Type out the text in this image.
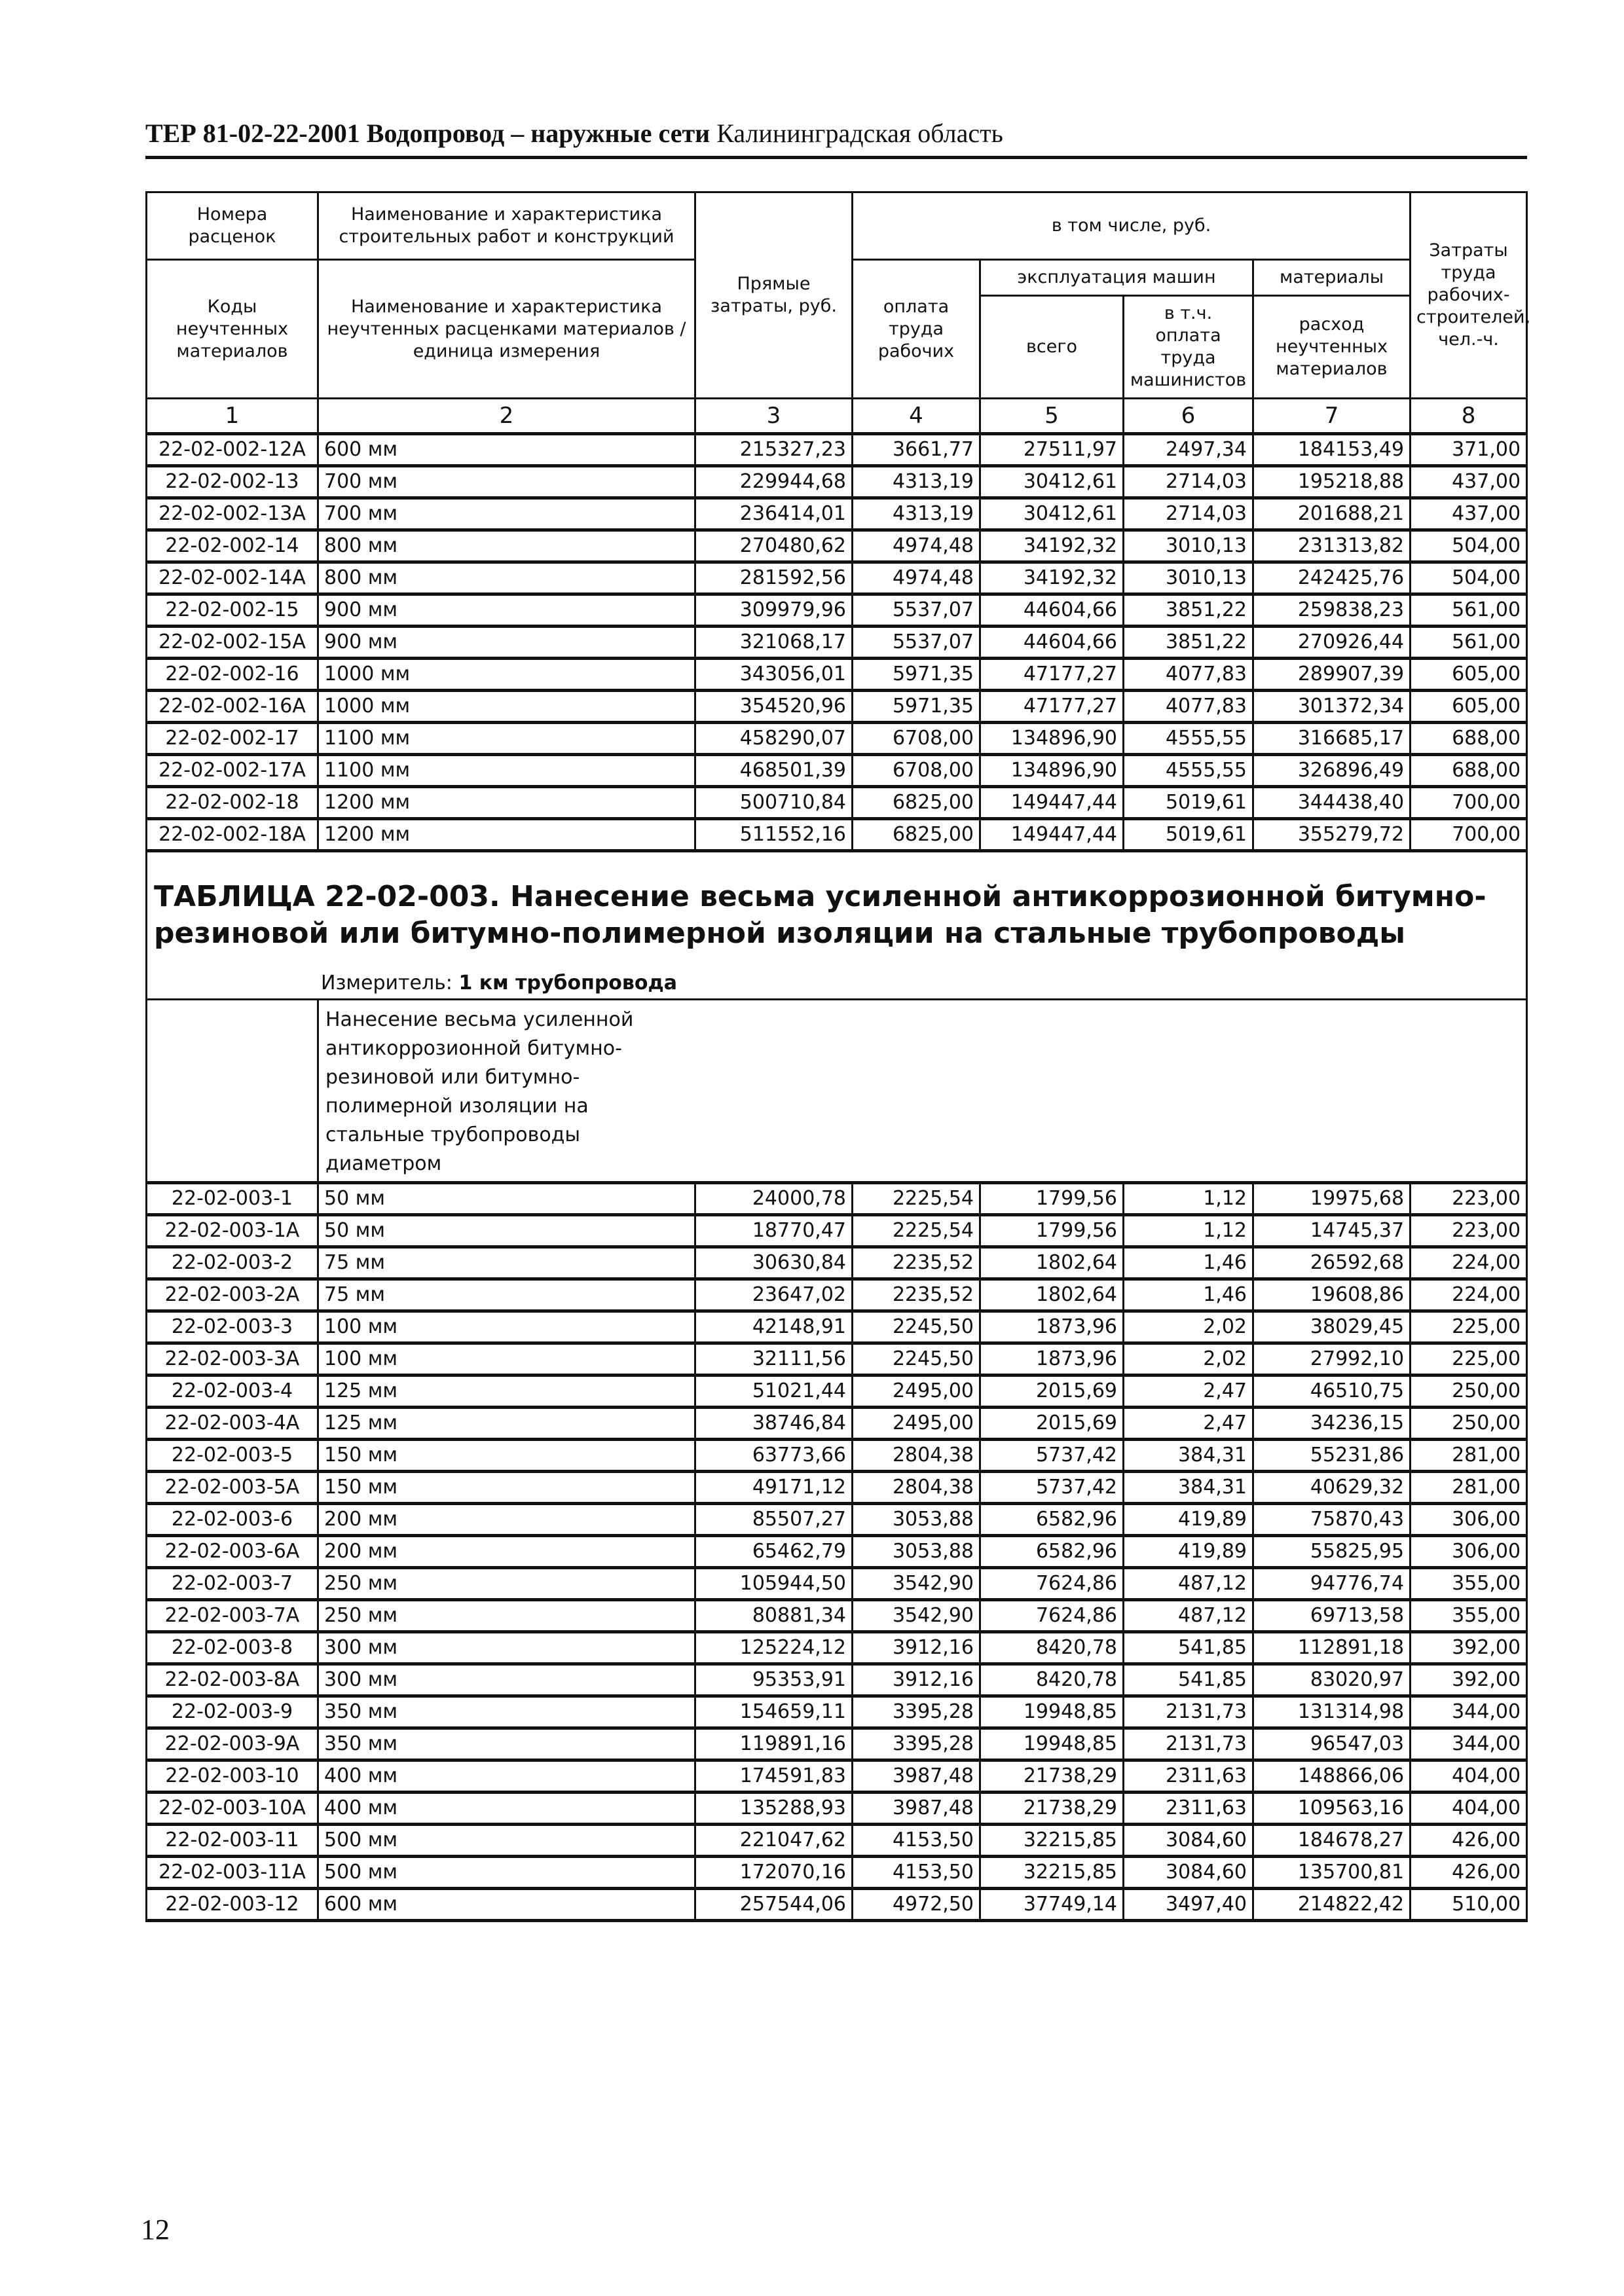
ТЕР 81-02-22-2001 Водопровод – наружные сети Калининградская область
Номера расценок	Наименование и характеристика строительных работ и конструкций	Прямые затраты, руб.	в том числе, руб.				Затраты труда рабочих-строителей, чел.-ч.
Коды неучтенных материалов	Наименование и характеристика неучтенных расценками материалов / единица измерения		оплата труда рабочих	эксплуатация машин		материалы	
				всего	в т.ч. оплата труда машинистов	расход неучтенных материалов	
1	2	3	4	5	6	7	8
22-02-002-12А	600 мм	215327,23	3661,77	27511,97	2497,34	184153,49	371,00
22-02-002-13	700 мм	229944,68	4313,19	30412,61	2714,03	195218,88	437,00
22-02-002-13А	700 мм	236414,01	4313,19	30412,61	2714,03	201688,21	437,00
22-02-002-14	800 мм	270480,62	4974,48	34192,32	3010,13	231313,82	504,00
22-02-002-14А	800 мм	281592,56	4974,48	34192,32	3010,13	242425,76	504,00
22-02-002-15	900 мм	309979,96	5537,07	44604,66	3851,22	259838,23	561,00
22-02-002-15А	900 мм	321068,17	5537,07	44604,66	3851,22	270926,44	561,00
22-02-002-16	1000 мм	343056,01	5971,35	47177,27	4077,83	289907,39	605,00
22-02-002-16А	1000 мм	354520,96	5971,35	47177,27	4077,83	301372,34	605,00
22-02-002-17	1100 мм	458290,07	6708,00	134896,90	4555,55	316685,17	688,00
22-02-002-17А	1100 мм	468501,39	6708,00	134896,90	4555,55	326896,49	688,00
22-02-002-18	1200 мм	500710,84	6825,00	149447,44	5019,61	344438,40	700,00
22-02-002-18А	1200 мм	511552,16	6825,00	149447,44	5019,61	355279,72	700,00

ТАБЛИЦА 22-02-003. Нанесение весьма усиленной антикоррозионной битумно-резиновой или битумно-полимерной изоляции на стальные трубопроводы
Измеритель: 1 км трубопровода							

	Нанесение весьма усиленной антикоррозионной битумно-резиновой или битумно-полимерной изоляции на стальные трубопроводы диаметром						

22-02-003-1	50 мм	24000,78	2225,54	1799,56	1,12	19975,68	223,00
22-02-003-1А	50 мм	18770,47	2225,54	1799,56	1,12	14745,37	223,00
22-02-003-2	75 мм	30630,84	2235,52	1802,64	1,46	26592,68	224,00
22-02-003-2А	75 мм	23647,02	2235,52	1802,64	1,46	19608,86	224,00
22-02-003-3	100 мм	42148,91	2245,50	1873,96	2,02	38029,45	225,00
22-02-003-3А	100 мм	32111,56	2245,50	1873,96	2,02	27992,10	225,00
22-02-003-4	125 мм	51021,44	2495,00	2015,69	2,47	46510,75	250,00
22-02-003-4А	125 мм	38746,84	2495,00	2015,69	2,47	34236,15	250,00
22-02-003-5	150 мм	63773,66	2804,38	5737,42	384,31	55231,86	281,00
22-02-003-5А	150 мм	49171,12	2804,38	5737,42	384,31	40629,32	281,00
22-02-003-6	200 мм	85507,27	3053,88	6582,96	419,89	75870,43	306,00
22-02-003-6А	200 мм	65462,79	3053,88	6582,96	419,89	55825,95	306,00
22-02-003-7	250 мм	105944,50	3542,90	7624,86	487,12	94776,74	355,00
22-02-003-7А	250 мм	80881,34	3542,90	7624,86	487,12	69713,58	355,00
22-02-003-8	300 мм	125224,12	3912,16	8420,78	541,85	112891,18	392,00
22-02-003-8А	300 мм	95353,91	3912,16	8420,78	541,85	83020,97	392,00
22-02-003-9	350 мм	154659,11	3395,28	19948,85	2131,73	131314,98	344,00
22-02-003-9А	350 мм	119891,16	3395,28	19948,85	2131,73	96547,03	344,00
22-02-003-10	400 мм	174591,83	3987,48	21738,29	2311,63	148866,06	404,00
22-02-003-10А	400 мм	135288,93	3987,48	21738,29	2311,63	109563,16	404,00
22-02-003-11	500 мм	221047,62	4153,50	32215,85	3084,60	184678,27	426,00
22-02-003-11А	500 мм	172070,16	4153,50	32215,85	3084,60	135700,81	426,00
22-02-003-12	600 мм	257544,06	4972,50	37749,14	3497,40	214822,42	510,00
12
